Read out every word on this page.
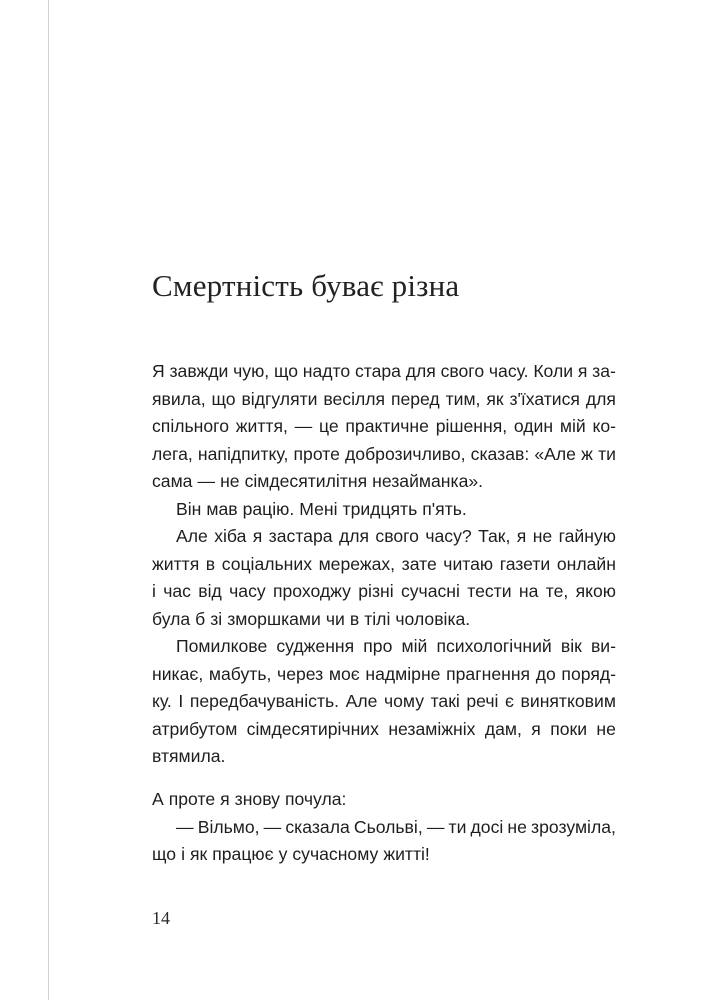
Смертність буває різна
Я завжди чую, що надто стара для свого часу. Коли я за-
явила, що відгуляти весілля перед тим, як з'їхатися для
спільного життя, — це практичне рішення, один мій ко-
лега, напідпитку, проте доброзичливо, сказав: «Але ж ти
сама — не сімдесятилітня незайманка».
Він мав рацію. Мені тридцять п'ять.
Але хіба я застара для свого часу? Так, я не гайную
життя в соціальних мережах, зате читаю газети онлайн
і час від часу проходжу різні сучасні тести на те, якою
була б зі зморшками чи в тілі чоловіка.
Помилкове судження про мій психологічний вік ви-
никає, мабуть, через моє надмірне прагнення до поряд-
ку. І передбачуваність. Але чому такі речі є винятковим
атрибутом сімдесятирічних незаміжніх дам, я поки не
втямила.
А проте я знову почула:
— Вільмо, — сказала Сьольві, — ти досі не зрозуміла,
що і як працює у сучасному житті!
14
